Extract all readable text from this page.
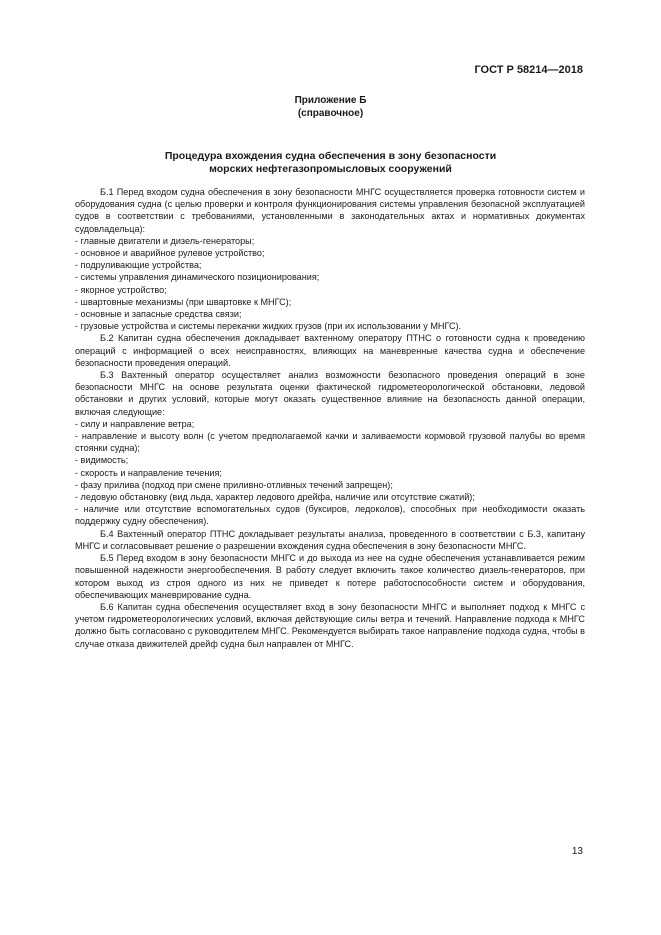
ГОСТ Р 58214—2018
Приложение Б
(справочное)
Процедура вхождения судна обеспечения в зону безопасности
морских нефтегазопромысловых сооружений

Б.1 Перед входом судна обеспечения в зону безопасности МНГС осуществляется проверка готовности систем и оборудования судна (с целью проверки и контроля функционирования системы управления безопасной эксплуатацией судов в соответствии с требованиями, установленными в законодательных актах и нормативных документах судовладельца):

- главные двигатели и дизель-генераторы;

- основное и аварийное рулевое устройство;

- подруливающие устройства;

- системы управления динамического позиционирования;

- якорное устройство;

- швартовные механизмы (при швартовке к МНГС);

- основные и запасные средства связи;

- грузовые устройства и системы перекачки жидких грузов (при их использовании у МНГС).

Б.2 Капитан судна обеспечения докладывает вахтенному оператору ПТНС о готовности судна к проведению операций с информацией о всех неисправностях, влияющих на маневренные качества судна и обеспечение безопасности проведения операций.

Б.3 Вахтенный оператор осуществляет анализ возможности безопасного проведения операций в зоне безопасности МНГС на основе результата оценки фактической гидрометеорологической обстановки, ледовой обстановки и других условий, которые могут оказать существенное влияние на безопасность данной операции, включая следующие:

- силу и направление ветра;

- направление и высоту волн (с учетом предполагаемой качки и заливаемости кормовой грузовой палубы во время стоянки судна);

- видимость;

- скорость и направление течения;

- фазу прилива (подход при смене приливно-отливных течений запрещен);

- ледовую обстановку (вид льда, характер ледового дрейфа, наличие или отсутствие сжатий);

- наличие или отсутствие вспомогательных судов (буксиров, ледоколов), способных при необходимости оказать поддержку судну обеспечения).

Б.4 Вахтенный оператор ПТНС докладывает результаты анализа, проведенного в соответствии с Б.3, капитану МНГС и согласовывает решение о разрешении вхождения судна обеспечения в зону безопасности МНГС.

Б.5 Перед входом в зону безопасности МНГС и до выхода из нее на судне обеспечения устанавливается режим повышенной надежности энергообеспечения. В работу следует включить такое количество дизель-генераторов, при котором выход из строя одного из них не приведет к потере работоспособности систем и оборудования, обеспечивающих маневрирование судна.

Б.6 Капитан судна обеспечения осуществляет вход в зону безопасности МНГС и выполняет подход к МНГС с учетом гидрометеорологических условий, включая действующие силы ветра и течений. Направление подхода к МНГС должно быть согласовано с руководителем МНГС. Рекомендуется выбирать такое направление подхода судна, чтобы в случае отказа движителей дрейф судна был направлен от МНГС.

13
